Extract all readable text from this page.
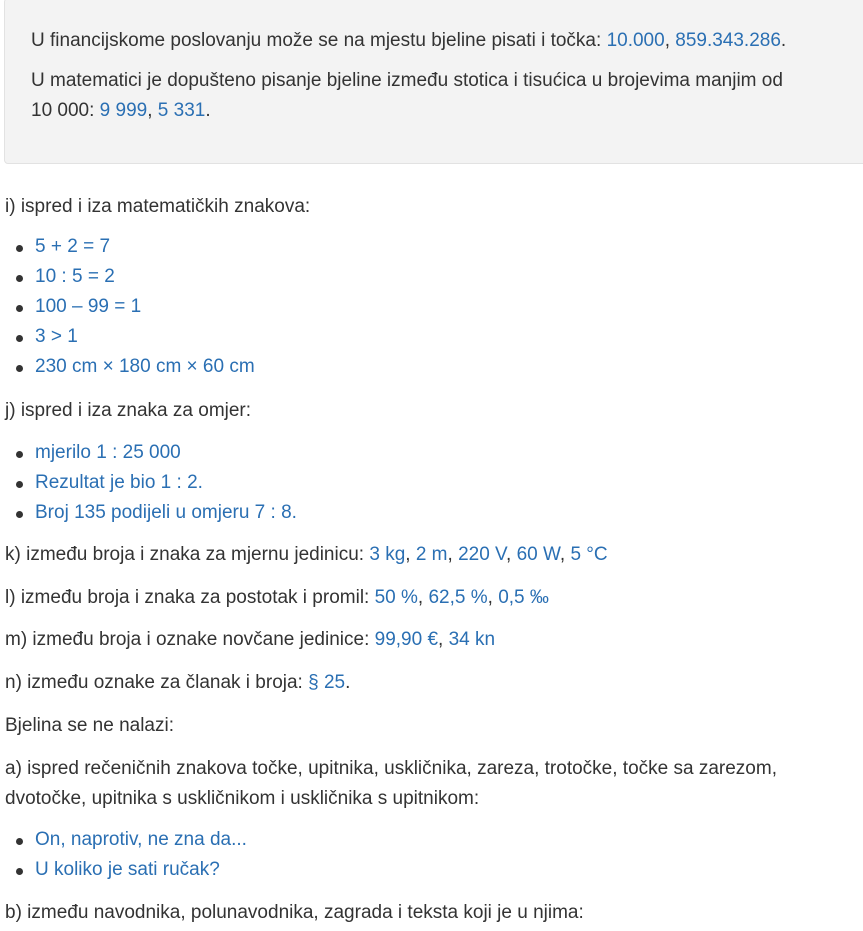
U financijskome poslovanju može se na mjestu bjeline pisati i točka: 10.000, 859.343.286.

U matematici je dopušteno pisanje bjeline između stotica i tisućica u brojevima manjim od
10 000: 9 999, 5 331.

i) ispred i iza matematičkih znakova:

5 + 2 = 7
10 : 5 = 2
100 – 99 = 1
3 > 1
230 cm × 180 cm × 60 cm

j) ispred i iza znaka za omjer:

mjerilo 1 : 25 000
Rezultat je bio 1 : 2.
Broj 135 podijeli u omjeru 7 : 8.

k) između broja i znaka za mjernu jedinicu: 3 kg, 2 m, 220 V, 60 W, 5 °C

l) između broja i znaka za postotak i promil: 50 %, 62,5 %, 0,5 ‰

m) između broja i oznake novčane jedinice: 99,90 €, 34 kn

n) između oznake za članak i broja: § 25.

Bjelina se ne nalazi:

a) ispred rečeničnih znakova točke, upitnika, uskličnika, zareza, trotočke, točke sa zarezom,
dvotočke, upitnika s uskličnikom i uskličnika s upitnikom:

On, naprotiv, ne zna da...
U koliko je sati ručak?

b) između navodnika, polunavodnika, zagrada i teksta koji je u njima:
